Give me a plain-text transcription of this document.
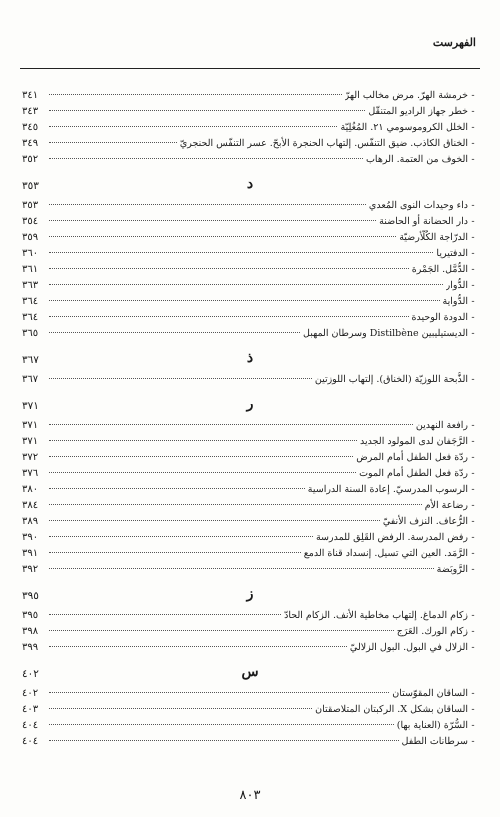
الفهرست
-
خرمشة الهرّ. مرض مخالب الهرّ
٣٤١
-
خطر جهاز الراديو المتنقّل
٣٤٣
-
الخلل الكروموسومي ٢١. المُغُلِيّة
٣٤٥
-
الخناق الكاذب. ضيق التنفّس. إلتهاب الحنجرة الأبحّ. عسر التنفّس الحنجريّ
٣٤٩
-
الخوف من العتمة. الرهاب
٣٥٢
د
٣٥٣
-
داء وحيدات النوى المُعدي
٣٥٣
-
دار الحضانة أو الحاضنة
٣٥٤
-
الدرّاجة الكُلّأرضيّة
٣٥٩
-
الدفتيريا
٣٦٠
-
الدُّمَّل. الجَمْرة
٣٦١
-
الدُّوار
٣٦٣
-
الدُّواية
٣٦٤
-
الدودة الوحيدة
٣٦٤
-
الديستيليبين Distilbène وسرطان المهبل
٣٦٥
ذ
٣٦٧
-
الذُّبحة اللوزيّة (الخناق). إلتهاب اللوزتين
٣٦٧
ر
٣٧١
-
رافعة النهدين
٣٧١
-
الرَّجَفان لدى المولود الجديد
٣٧١
-
ردّة فعل الطفل أمام المرض
٣٧٢
-
ردّة فعل الطفل أمام الموت
٣٧٦
-
الرسوب المدرسيّ. إعادة السنة الدراسية
٣٨٠
-
رضاعة الأم
٣٨٤
-
الرُّعاف. النزف الأنفيّ
٣٨٩
-
رفض المدرسة. الرفض القَلِق للمدرسة
٣٩٠
-
الرَّمَد. العين التي تسيل. إنسداد قناة الدمع
٣٩١
-
الرَّوبَضة
٣٩٢
ز
٣٩٥
-
زكام الدماغ. إلتهاب مخاطية الأنف. الزكام الحادّ
٣٩٥
-
زكام الورك. العَرَج
٣٩٨
-
الزلال في البول. البول الزلاليّ
٣٩٩
س
٤٠٢
-
الساقان المقوّستان
٤٠٢
-
الساقان بشكل X. الركبتان المتلاصقتان
٤٠٣
-
السُّرّة (العناية بها)
٤٠٤
-
سرطانات الطفل
٤٠٤
٨٠٣
